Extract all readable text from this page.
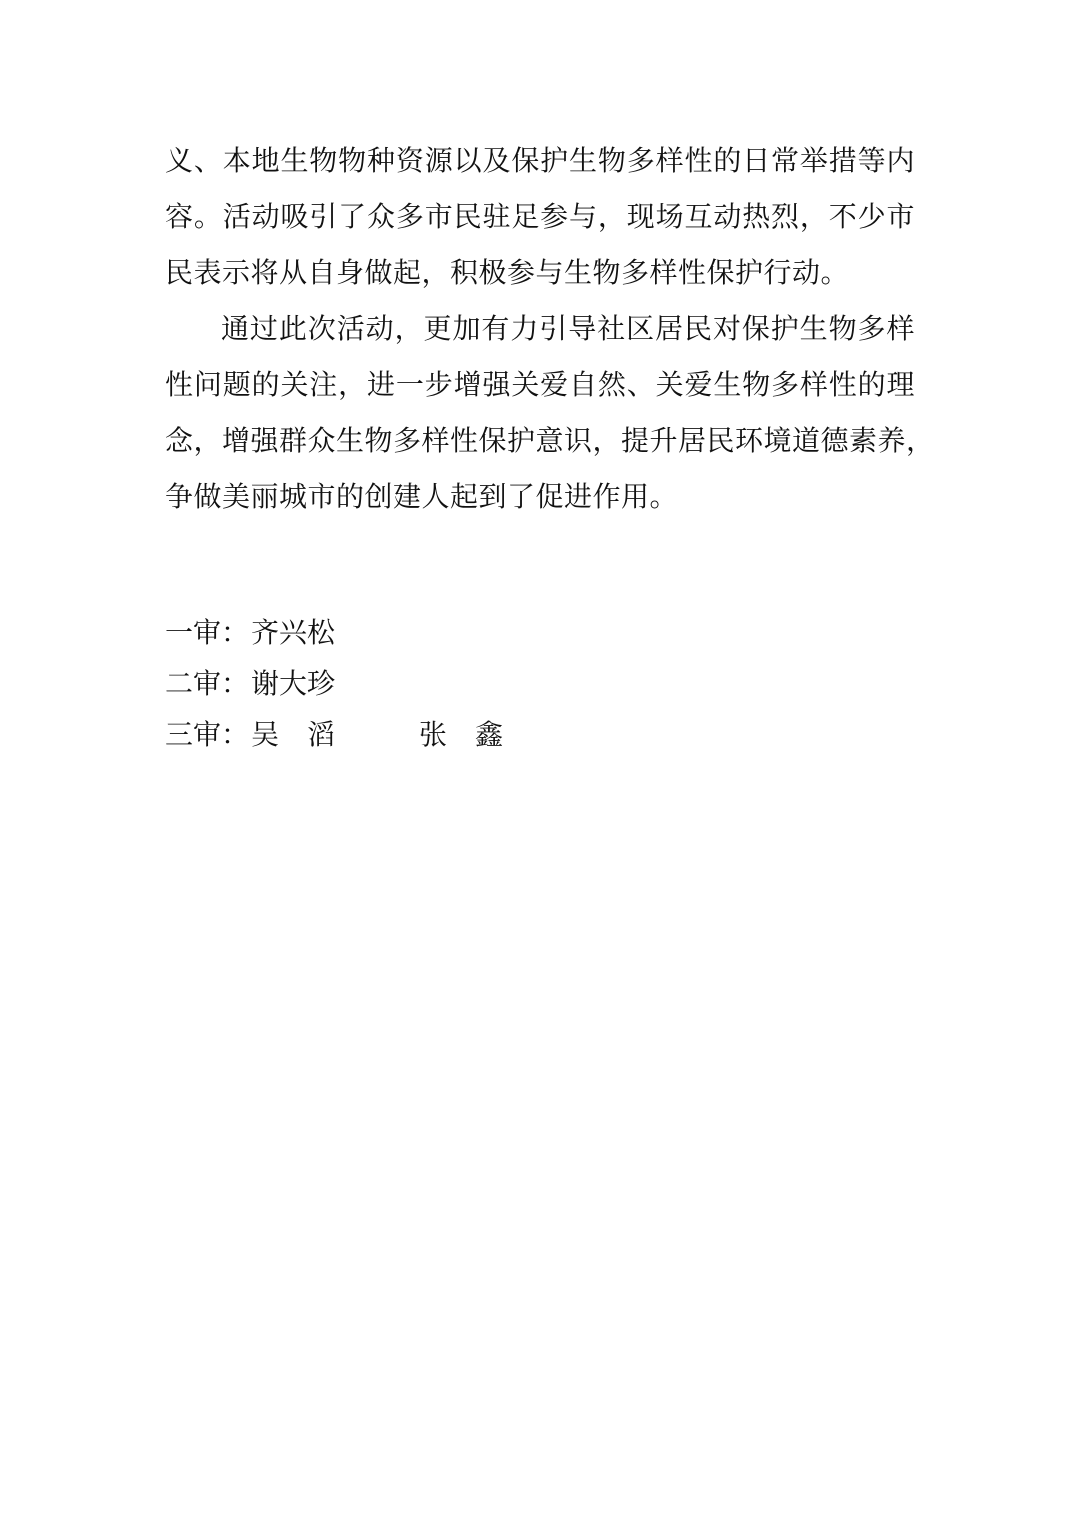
义、本地生物物种资源以及保护生物多样性的日常举措等内
容。活动吸引了众多市民驻足参与，现场互动热烈，不少市
民表示将从自身做起，积极参与生物多样性保护行动。
通过此次活动，更加有力引导社区居民对保护生物多样
性问题的关注，进一步增强关爱自然、关爱生物多样性的理
念，增强群众生物多样性保护意识，提升居民环境道德素养，
争做美丽城市的创建人起到了促进作用。
一审：齐兴松
二审：谢大珍
三审：吴　滔　　　张　鑫
